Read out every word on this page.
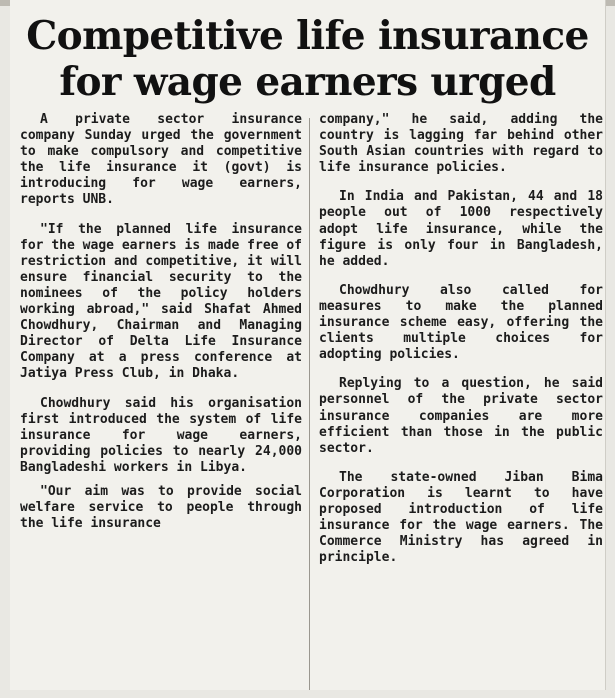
Competitive life insurance
for wage earners urged

A private sector insurance company Sunday urged the government to make compulsory and competitive the life insurance it (govt) is introducing for wage earners, reports UNB.

"If the planned life insurance for the wage earners is made free of restriction and competitive, it will ensure financial security to the nominees of the policy holders working abroad," said Shafat Ahmed Chowdhury, Chairman and Managing Director of Delta Life Insurance Company at a press conference at Jatiya Press Club, in Dhaka.

Chowdhury said his organisation first introduced the system of life insurance for wage earners, providing policies to nearly 24,000 Bangladeshi workers in Libya.

"Our aim was to provide social welfare service to people through the life insurance

company," he said, adding the country is lagging far behind other South Asian countries with regard to life insurance policies.

In India and Pakistan, 44 and 18 people out of 1000 respectively adopt life insurance, while the figure is only four in Bangladesh, he added.

Chowdhury also called for measures to make the planned insurance scheme easy, offering the clients multiple choices for adopting policies.

Replying to a question, he said personnel of the private sector insurance companies are more efficient than those in the public sector.

The state-owned Jiban Bima Corporation is learnt to have proposed introduction of life insurance for the wage earners. The Commerce Ministry has agreed in principle.
